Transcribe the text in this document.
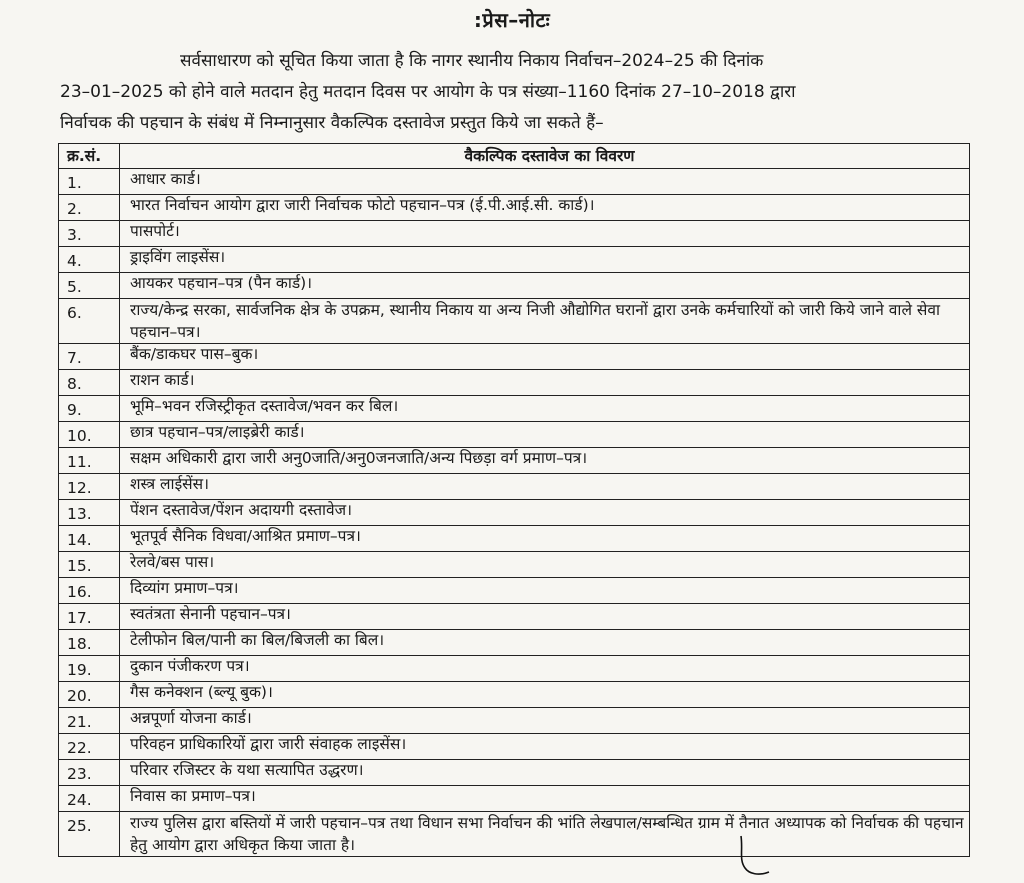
:प्रेस–नोटः
सर्वसाधारण को सूचित किया जाता है कि नागर स्थानीय निकाय निर्वाचन–2024–25 की दिनांक
23–01–2025 को होने वाले मतदान हेतु मतदान दिवस पर आयोग के पत्र संख्या–1160 दिनांक 27–10–2018 द्वारा
निर्वाचक की पहचान के संबंध में निम्नानुसार वैकल्पिक दस्तावेज प्रस्तुत किये जा सकते हैं–
क्र.सं.	वैकल्पिक दस्तावेज का विवरण
1.	आधार कार्ड।
2.	भारत निर्वाचन आयोग द्वारा जारी निर्वाचक फोटो पहचान–पत्र (ई.पी.आई.सी. कार्ड)।
3.	पासपोर्ट।
4.	ड्राइविंग लाइसेंस।
5.	आयकर पहचान–पत्र (पैन कार्ड)।
6.	राज्य/केन्द्र सरका, सार्वजनिक क्षेत्र के उपक्रम, स्थानीय निकाय या अन्य निजी औद्योगित घरानों द्वारा उनके कर्मचारियों को जारी किये जाने वाले सेवा पहचान–पत्र।
7.	बैंक/डाकघर पास–बुक।
8.	राशन कार्ड।
9.	भूमि–भवन रजिस्ट्रीकृत दस्तावेज/भवन कर बिल।
10.	छात्र पहचान–पत्र/लाइब्रेरी कार्ड।
11.	सक्षम अधिकारी द्वारा जारी अनु0जाति/अनु0जनजाति/अन्य पिछड़ा वर्ग प्रमाण–पत्र।
12.	शस्त्र लाईसेंस।
13.	पेंशन दस्तावेज/पेंशन अदायगी दस्तावेज।
14.	भूतपूर्व सैनिक विधवा/आश्रित प्रमाण–पत्र।
15.	रेलवे/बस पास।
16.	दिव्यांग प्रमाण–पत्र।
17.	स्वतंत्रता सेनानी पहचान–पत्र।
18.	टेलीफोन बिल/पानी का बिल/बिजली का बिल।
19.	दुकान पंजीकरण पत्र।
20.	गैस कनेक्शन (ब्ल्यू बुक)।
21.	अन्नपूर्णा योजना कार्ड।
22.	परिवहन प्राधिकारियों द्वारा जारी संवाहक लाइसेंस।
23.	परिवार रजिस्टर के यथा सत्यापित उद्धरण।
24.	निवास का प्रमाण–पत्र।
25.	राज्य पुलिस द्वारा बस्तियों में जारी पहचान–पत्र तथा विधान सभा निर्वाचन की भांति लेखपाल/सम्बन्धित ग्राम में तैनात अध्यापक को निर्वाचक की पहचान हेतु आयोग द्वारा अधिकृत किया जाता है।
